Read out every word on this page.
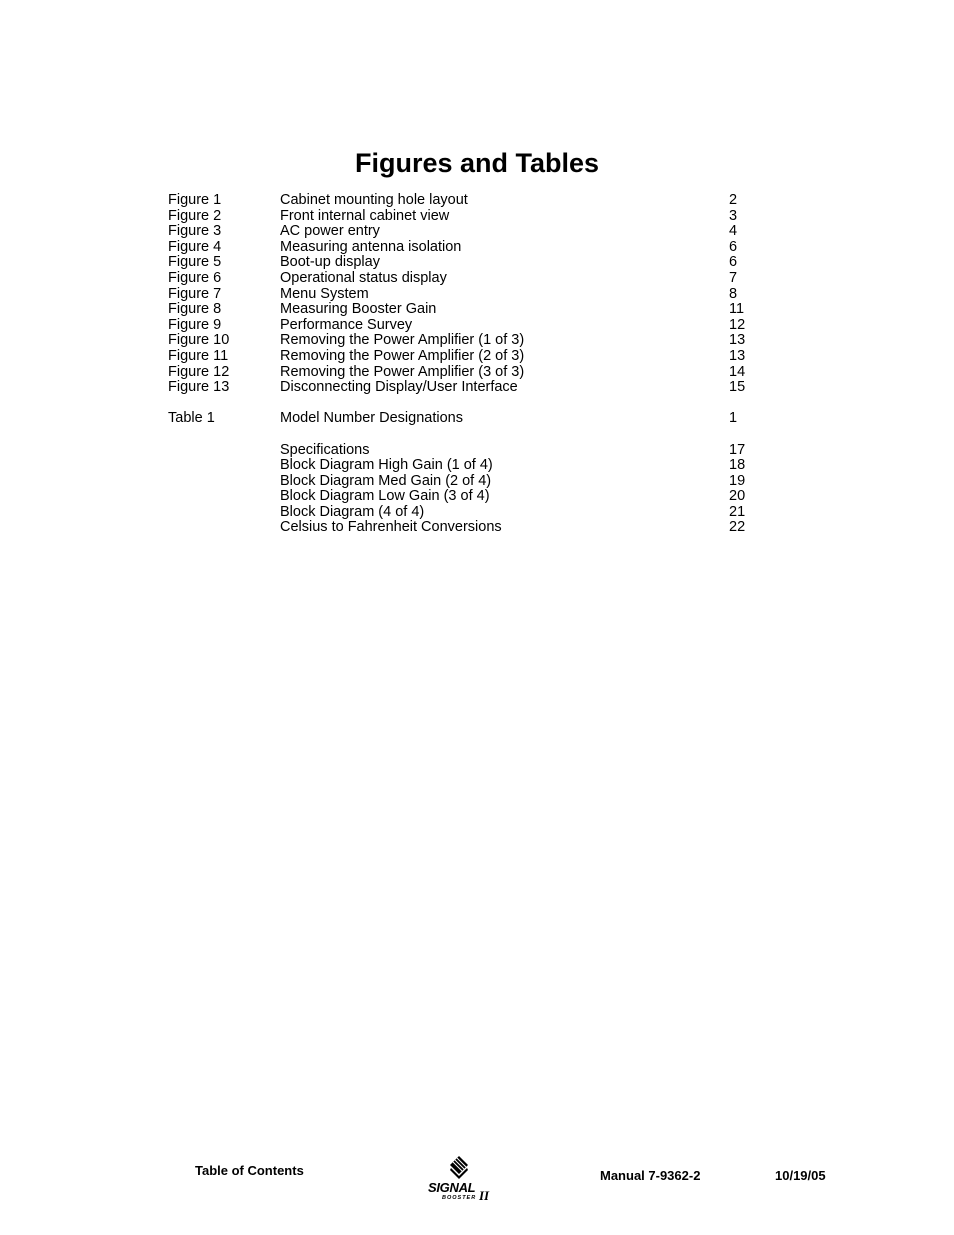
Figures and Tables
Figure 1	Cabinet mounting hole layout	2
Figure 2	Front internal cabinet view	3
Figure 3	AC power entry	4
Figure 4	Measuring antenna isolation	6
Figure 5	Boot-up display	6
Figure 6	Operational status display	7
Figure 7	Menu System	8
Figure 8	Measuring Booster Gain	11
Figure 9	Performance Survey	12
Figure 10	Removing the Power Amplifier (1 of 3)	13
Figure 11	Removing the Power Amplifier (2 of 3)	13
Figure 12	Removing the Power Amplifier (3 of 3)	14
Figure 13	Disconnecting Display/User Interface	15
Table 1	Model Number Designations	1
Specifications	17
Block Diagram High Gain (1 of 4)	18
Block Diagram Med Gain (2 of 4)	19
Block Diagram Low Gain (3 of 4)	20
Block Diagram (4 of 4)	21
Celsius to Fahrenheit Conversions	22
Table of Contents
SIGNAL
BOOSTER II
Manual 7-9362-2	10/19/05
